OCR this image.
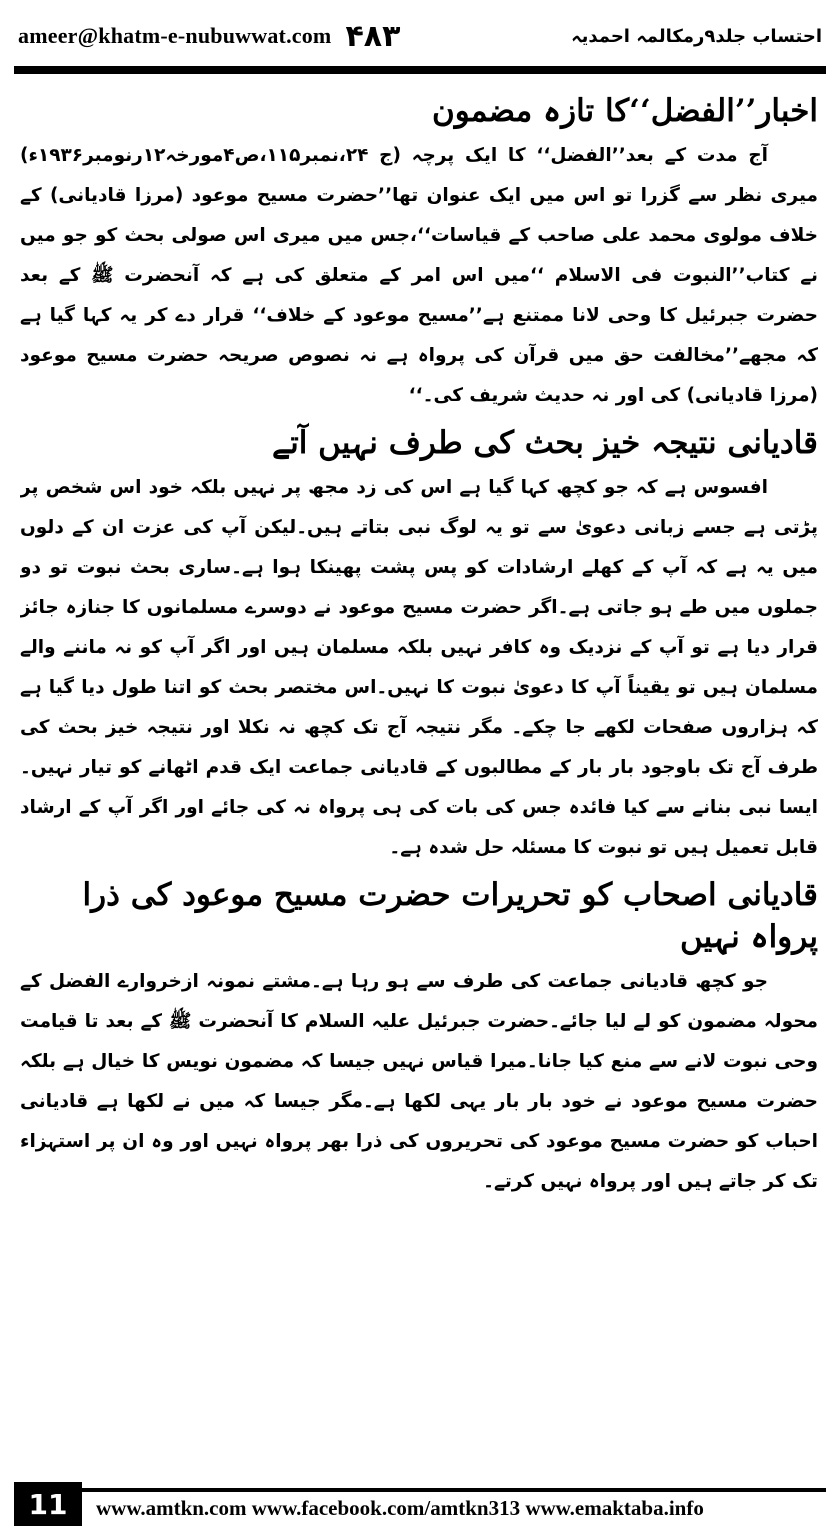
ameer@khatm-e-nubuwwat.com ۴۸۳	احتساب جلد۹رمکالمہ احمدیہ
اخبار’’الفضل‘‘کا تازہ مضمون

آج مدت کے بعد’’الفضل‘‘ کا ایک پرچہ (ج ۲۴،نمبر۱۱۵،ص۴مورخہ۱۲رنومبر۱۹۳۶ء) میری نظر سے گزرا تو اس میں ایک عنوان تھا’’حضرت مسیح موعود (مرزا قادیانی) کے خلاف مولوی محمد علی صاحب کے قیاسات‘‘،جس میں میری اس صولی بحث کو جو میں نے کتاب’’النبوت فی الاسلام ‘‘میں اس امر کے متعلق کی ہے کہ آنحضرت ﷺ کے بعد حضرت جبرئیل کا وحی لانا ممتنع ہے’’مسیح موعود کے خلاف‘‘ قرار دے کر یہ کہا گیا ہے کہ مجھے’’مخالفت حق میں قرآن کی پرواہ ہے نہ نصوص صریحہ حضرت مسیح موعود (مرزا قادیانی) کی اور نہ حدیث شریف کی۔‘‘

قادیانی نتیجہ خیز بحث کی طرف نہیں آتے

افسوس ہے کہ جو کچھ کہا گیا ہے اس کی زد مجھ پر نہیں بلکہ خود اس شخص پر پڑتی ہے جسے زبانی دعویٰ سے تو یہ لوگ نبی بتاتے ہیں۔لیکن آپ کی عزت ان کے دلوں میں یہ ہے کہ آپ کے کھلے ارشادات کو پس پشت پھینکا ہوا ہے۔ساری بحث نبوت تو دو جملوں میں طے ہو جاتی ہے۔اگر حضرت مسیح موعود نے دوسرے مسلمانوں کا جنازہ جائز قرار دیا ہے تو آپ کے نزدیک وہ کافر نہیں بلکہ مسلمان ہیں اور اگر آپ کو نہ ماننے والے مسلمان ہیں تو یقیناً آپ کا دعویٰ نبوت کا نہیں۔اس مختصر بحث کو اتنا طول دیا گیا ہے کہ ہزاروں صفحات لکھے جا چکے۔ مگر نتیجہ آج تک کچھ نہ نکلا اور نتیجہ خیز بحث کی طرف آج تک باوجود بار بار کے مطالبوں کے قادیانی جماعت ایک قدم اٹھانے کو تیار نہیں۔ایسا نبی بنانے سے کیا فائدہ جس کی بات کی ہی پرواہ نہ کی جائے اور اگر آپ کے ارشاد قابل تعمیل ہیں تو نبوت کا مسئلہ حل شدہ ہے۔

قادیانی اصحاب کو تحریرات حضرت مسیح موعود کی ذرا پرواہ نہیں

جو کچھ قادیانی جماعت کی طرف سے ہو رہا ہے۔مشتے نمونہ ازخروارے الفضل کے محولہ مضمون کو لے لیا جائے۔حضرت جبرئیل علیہ السلام کا آنحضرت ﷺ کے بعد تا قیامت وحی نبوت لانے سے منع کیا جانا۔میرا قیاس نہیں جیسا کہ مضمون نویس کا خیال ہے بلکہ حضرت مسیح موعود نے خود بار بار یہی لکھا ہے۔مگر جیسا کہ میں نے لکھا ہے قادیانی احباب کو حضرت مسیح موعود کی تحریروں کی ذرا بھر پرواہ نہیں اور وہ ان پر استہزاء تک کر جاتے ہیں اور پرواہ نہیں کرتے۔

11	www.amtkn.com www.facebook.com/amtkn313 www.emaktaba.info
